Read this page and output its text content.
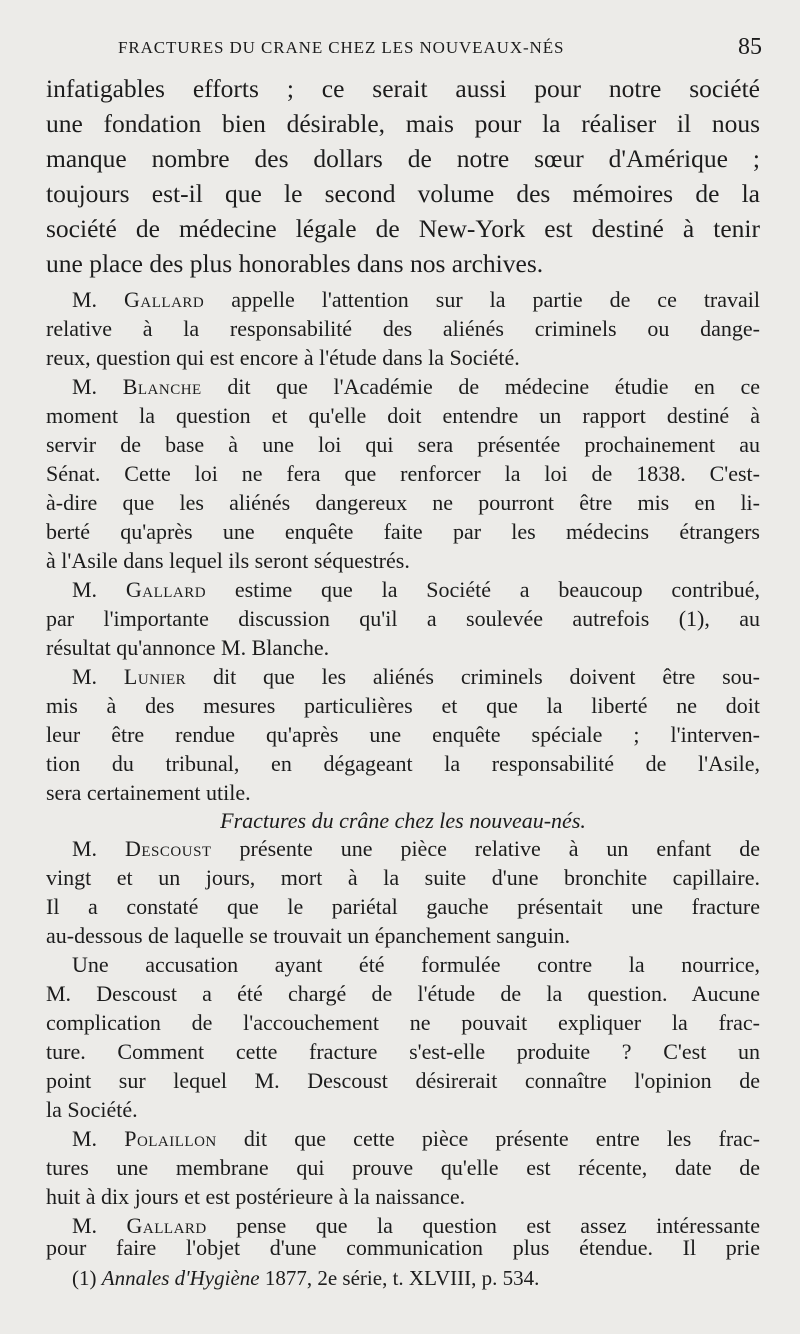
FRACTURES DU CRANE CHEZ LES NOUVEAUX-NÉS	85
infatigables efforts ; ce serait aussi pour notre société
une fondation bien désirable, mais pour la réaliser il nous
manque nombre des dollars de notre sœur d'Amérique ;
toujours est-il que le second volume des mémoires de la
société de médecine légale de New-York est destiné à tenir
une place des plus honorables dans nos archives.
M. Gallard appelle l'attention sur la partie de ce travail
relative à la responsabilité des aliénés criminels ou dange-
reux, question qui est encore à l'étude dans la Société.
M. Blanche dit que l'Académie de médecine étudie en ce
moment la question et qu'elle doit entendre un rapport destiné à
servir de base à une loi qui sera présentée prochainement au
Sénat. Cette loi ne fera que renforcer la loi de 1838. C'est-
à-dire que les aliénés dangereux ne pourront être mis en li-
berté qu'après une enquête faite par les médecins étrangers
à l'Asile dans lequel ils seront séquestrés.
M. Gallard estime que la Société a beaucoup contribué,
par l'importante discussion qu'il a soulevée autrefois (1), au
résultat qu'annonce M. Blanche.
M. Lunier dit que les aliénés criminels doivent être sou-
mis à des mesures particulières et que la liberté ne doit
leur être rendue qu'après une enquête spéciale ; l'interven-
tion du tribunal, en dégageant la responsabilité de l'Asile,
sera certainement utile.
Fractures du crâne chez les nouveau-nés.
M. Descoust présente une pièce relative à un enfant de
vingt et un jours, mort à la suite d'une bronchite capillaire.
Il a constaté que le pariétal gauche présentait une fracture
au-dessous de laquelle se trouvait un épanchement sanguin.
Une accusation ayant été formulée contre la nourrice,
M. Descoust a été chargé de l'étude de la question. Aucune
complication de l'accouchement ne pouvait expliquer la frac-
ture. Comment cette fracture s'est-elle produite ? C'est un
point sur lequel M. Descoust désirerait connaître l'opinion de
la Société.
M. Polaillon dit que cette pièce présente entre les frac-
tures une membrane qui prouve qu'elle est récente, date de
huit à dix jours et est postérieure à la naissance.
M. Gallard pense que la question est assez intéressante
pour faire l'objet d'une communication plus étendue. Il prie
(1) Annales d'Hygiène 1877, 2e série, t. XLVIII, p. 534.
